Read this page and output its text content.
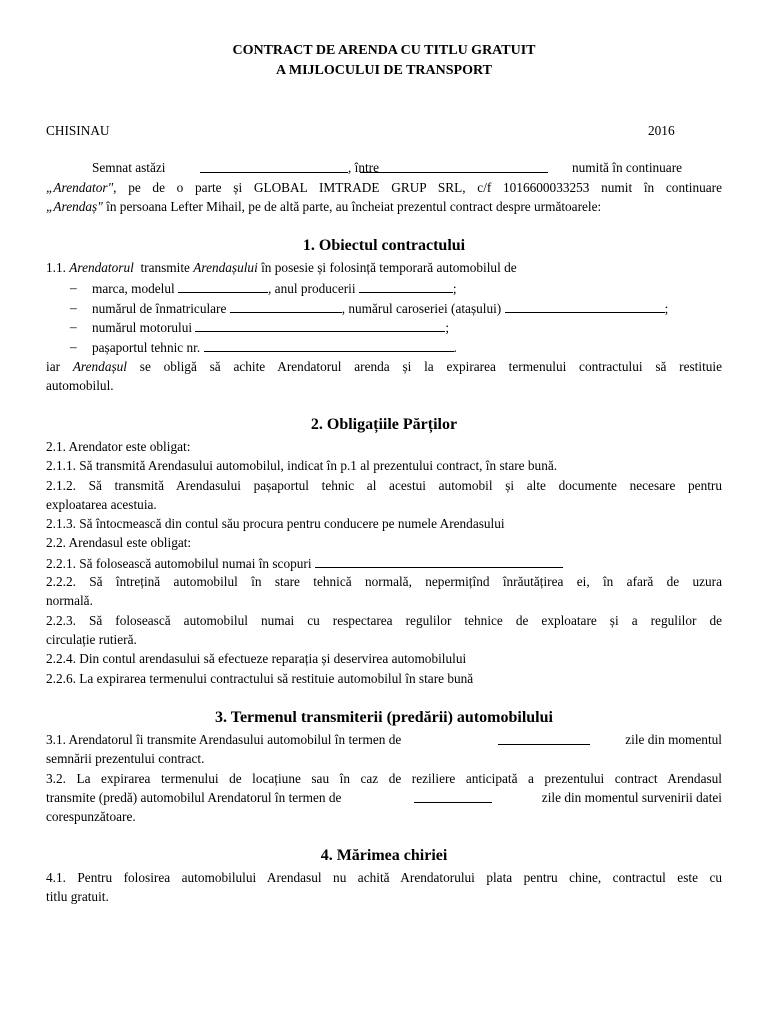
CONTRACT DE ARENDA CU TITLU GRATUIT
A MIJLOCULUI DE TRANSPORT
CHISINAU	2016
Semnat astăzi	, între	numită în continuare
„Arendator", pe de o parte și GLOBAL IMTRADE GRUP SRL, c/f 1016600033253 numit în continuare
„Arendaș" în persoana Lefter Mihail, pe de altă parte, au încheiat prezentul contract despre următoarele:
1. Obiectul contractului
1.1. Arendatorul transmite Arendașului în posesie și folosință temporară automobilul de
– marca, modelul	, anul producerii	;
– numărul de înmatriculare	, numărul caroseriei (atașului)	;
– numărul motorului	;
– pașaportul tehnic nr.	.
iar Arendașul se obligă să achite Arendatorul arenda și la expirarea termenului contractului să restituie
automobilul.
2. Obligațiile Părților
2.1. Arendator este obligat:
2.1.1. Să transmită Arendasului automobilul, indicat în p.1 al prezentului contract, în stare bună.
2.1.2. Să transmită Arendasului pașaportul tehnic al acestui automobil și alte documente necesare pentru
exploatarea acestuia.
2.1.3. Să întocmească din contul său procura pentru conducere pe numele Arendasului
2.2. Arendasul este obligat:
2.2.1. Să folosească automobilul numai în scopuri
2.2.2. Să întrețină automobilul în stare tehnică normală, nepermițînd înrăutățirea ei, în afară de uzura
normală.
2.2.3. Să folosească automobilul numai cu respectarea regulilor tehnice de exploatare și a regulilor de
circulație rutieră.
2.2.4. Din contul arendasului să efectueze reparația și deservirea automobilului
2.2.6. La expirarea termenului contractului să restituie automobilul în stare bună
3. Termenul transmiterii (predării) automobilului
3.1. Arendatorul îi transmite Arendasului automobilul în termen de	zile din momentul
semnării prezentului contract.
3.2. La expirarea termenului de locațiune sau în caz de reziliere anticipată a prezentului contract Arendasul
transmite (predă) automobilul Arendatorul în termen de	zile din momentul survenirii datei
corespunzătoare.
4. Mărimea chiriei
4.1. Pentru folosirea automobilului Arendasul nu achită Arendatorului plata pentru chine, contractul este cu
titlu gratuit.
